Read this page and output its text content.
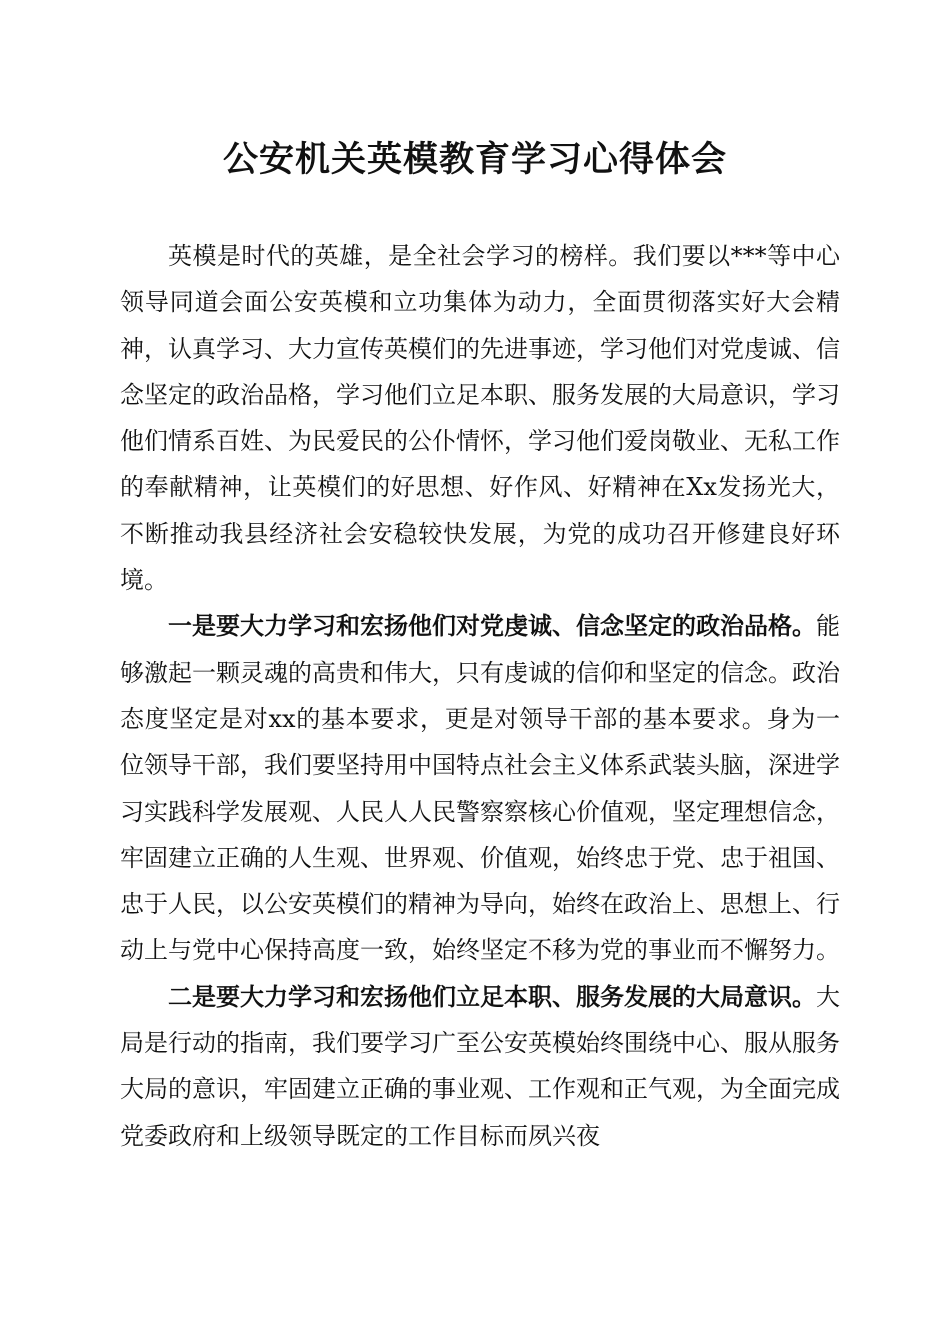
公安机关英模教育学习心得体会

英模是时代的英雄，是全社会学习的榜样。我们要以***等中心领导同道会面公安英模和立功集体为动力，全面贯彻落实好大会精神，认真学习、大力宣传英模们的先进事迹，学习他们对党虔诚、信念坚定的政治品格，学习他们立足本职、服务发展的大局意识，学习他们情系百姓、为民爱民的公仆情怀，学习他们爱岗敬业、无私工作的奉献精神，让英模们的好思想、好作风、好精神在Xx发扬光大，不断推动我县经济社会安稳较快发展，为党的成功召开修建良好环境。

一是要大力学习和宏扬他们对党虔诚、信念坚定的政治品格。能够激起一颗灵魂的高贵和伟大，只有虔诚的信仰和坚定的信念。政治态度坚定是对xx的基本要求，更是对领导干部的基本要求。身为一位领导干部，我们要坚持用中国特点社会主义体系武装头脑，深进学习实践科学发展观、人民人人民警察察核心价值观，坚定理想信念，牢固建立正确的人生观、世界观、价值观，始终忠于党、忠于祖国、忠于人民，以公安英模们的精神为导向，始终在政治上、思想上、行动上与党中心保持高度一致，始终坚定不移为党的事业而不懈努力。

二是要大力学习和宏扬他们立足本职、服务发展的大局意识。大局是行动的指南，我们要学习广至公安英模始终围绕中心、服从服务大局的意识，牢固建立正确的事业观、工作观和正气观，为全面完成党委政府和上级领导既定的工作目标而夙兴夜
